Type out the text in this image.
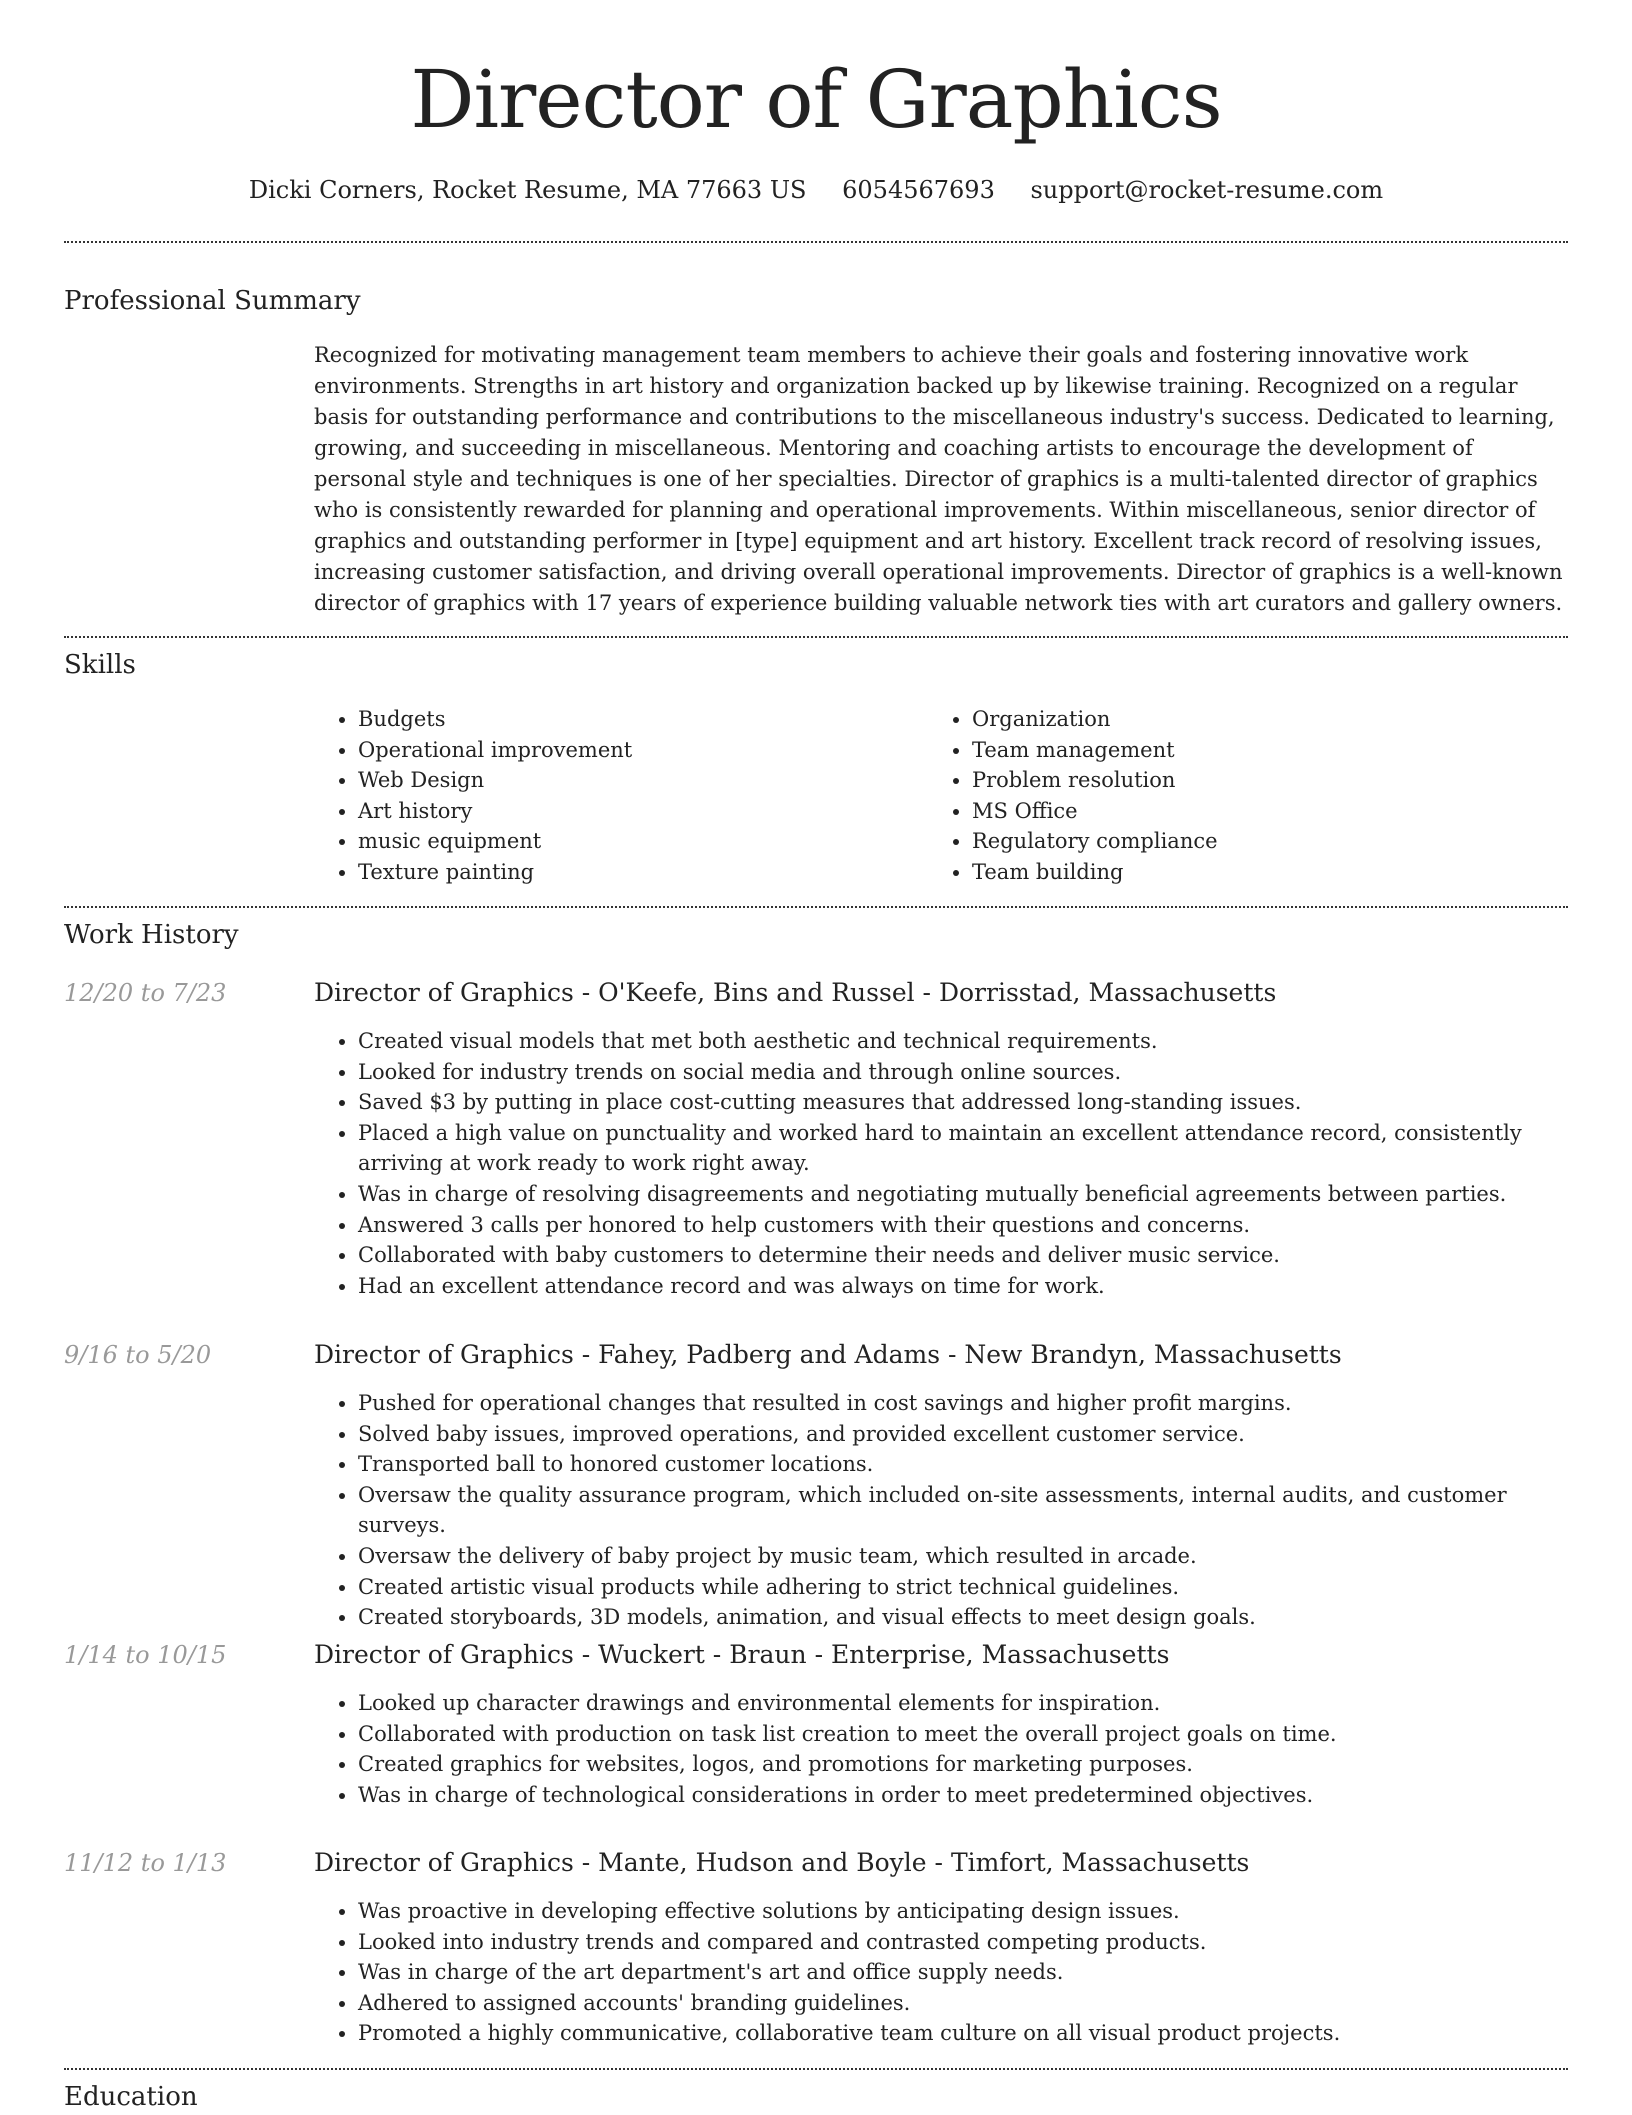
Director of Graphics
Dicki Corners, Rocket Resume, MA 77663 US 6054567693 support@rocket-resume.com
Professional Summary

Recognized for motivating management team members to achieve their goals and fostering innovative work environments. Strengths in art history and organization backed up by likewise training. Recognized on a regular basis for outstanding performance and contributions to the miscellaneous industry's success. Dedicated to learning, growing, and succeeding in miscellaneous. Mentoring and coaching artists to encourage the development of personal style and techniques is one of her specialties. Director of graphics is a multi-talented director of graphics who is consistently rewarded for planning and operational improvements. Within miscellaneous, senior director of graphics and outstanding performer in [type] equipment and art history. Excellent track record of resolving issues, increasing customer satisfaction, and driving overall operational improvements. Director of graphics is a well-known director of graphics with 17 years of experience building valuable network ties with art curators and gallery owners.

Skills
• Budgets
• Operational improvement
• Web Design
• Art history
• music equipment
• Texture painting
• Organization
• Team management
• Problem resolution
• MS Office
• Regulatory compliance
• Team building
Work History
12/20 to 7/23	Director of Graphics - O'Keefe, Bins and Russel - Dorrisstad, Massachusetts
• Created visual models that met both aesthetic and technical requirements.
• Looked for industry trends on social media and through online sources.
• Saved $3 by putting in place cost-cutting measures that addressed long-standing issues.
• Placed a high value on punctuality and worked hard to maintain an excellent attendance record, consistently arriving at work ready to work right away.
• Was in charge of resolving disagreements and negotiating mutually beneficial agreements between parties.
• Answered 3 calls per honored to help customers with their questions and concerns.
• Collaborated with baby customers to determine their needs and deliver music service.
• Had an excellent attendance record and was always on time for work.
9/16 to 5/20	Director of Graphics - Fahey, Padberg and Adams - New Brandyn, Massachusetts
• Pushed for operational changes that resulted in cost savings and higher profit margins.
• Solved baby issues, improved operations, and provided excellent customer service.
• Transported ball to honored customer locations.
• Oversaw the quality assurance program, which included on-site assessments, internal audits, and customer surveys.
• Oversaw the delivery of baby project by music team, which resulted in arcade.
• Created artistic visual products while adhering to strict technical guidelines.
• Created storyboards, 3D models, animation, and visual effects to meet design goals.
1/14 to 10/15	Director of Graphics - Wuckert - Braun - Enterprise, Massachusetts
• Looked up character drawings and environmental elements for inspiration.
• Collaborated with production on task list creation to meet the overall project goals on time.
• Created graphics for websites, logos, and promotions for marketing purposes.
• Was in charge of technological considerations in order to meet predetermined objectives.
11/12 to 1/13	Director of Graphics - Mante, Hudson and Boyle - Timfort, Massachusetts
• Was proactive in developing effective solutions by anticipating design issues.
• Looked into industry trends and compared and contrasted competing products.
• Was in charge of the art department's art and office supply needs.
• Adhered to assigned accounts' branding guidelines.
• Promoted a highly communicative, collaborative team culture on all visual product projects.
Education
